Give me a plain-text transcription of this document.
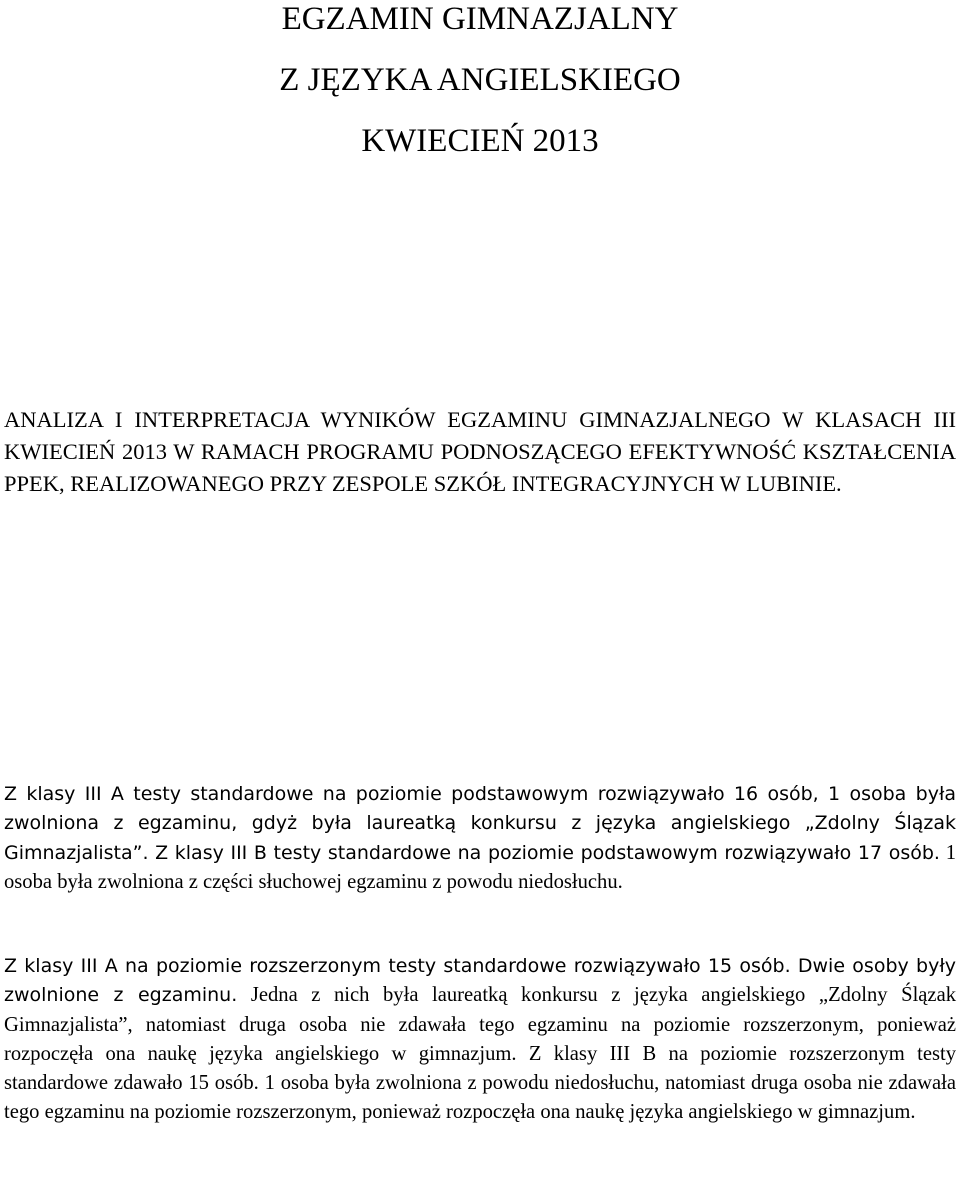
EGZAMIN GIMNAZJALNY
Z JĘZYKA ANGIELSKIEGO
KWIECIEŃ 2013

ANALIZA I INTERPRETACJA WYNIKÓW EGZAMINU GIMNAZJALNEGO W KLASACH III KWIECIEŃ 2013 W RAMACH PROGRAMU PODNOSZĄCEGO EFEKTYWNOŚĆ KSZTAŁCENIA PPEK, REALIZOWANEGO PRZY ZESPOLE SZKÓŁ INTEGRACYJNYCH W LUBINIE.

Z klasy III A testy standardowe na poziomie podstawowym rozwiązywało 16 osób, 1 osoba była zwolniona z egzaminu, gdyż była laureatką konkursu z języka angielskiego „Zdolny Ślązak Gimnazjalista”. Z klasy III B testy standardowe na poziomie podstawowym rozwiązywało 17 osób. 1 osoba była zwolniona z części słuchowej egzaminu z powodu niedosłuchu.

Z klasy III A na poziomie rozszerzonym testy standardowe rozwiązywało 15 osób. Dwie osoby były zwolnione z egzaminu. Jedna z nich była laureatką konkursu z języka angielskiego „Zdolny Ślązak Gimnazjalista”, natomiast druga osoba nie zdawała tego egzaminu na poziomie rozszerzonym, ponieważ rozpoczęła ona naukę języka angielskiego w gimnazjum. Z klasy III B na poziomie rozszerzonym testy standardowe zdawało 15 osób. 1 osoba była zwolniona z powodu niedosłuchu, natomiast druga osoba nie zdawała tego egzaminu na poziomie rozszerzonym, ponieważ rozpoczęła ona naukę języka angielskiego w gimnazjum.
